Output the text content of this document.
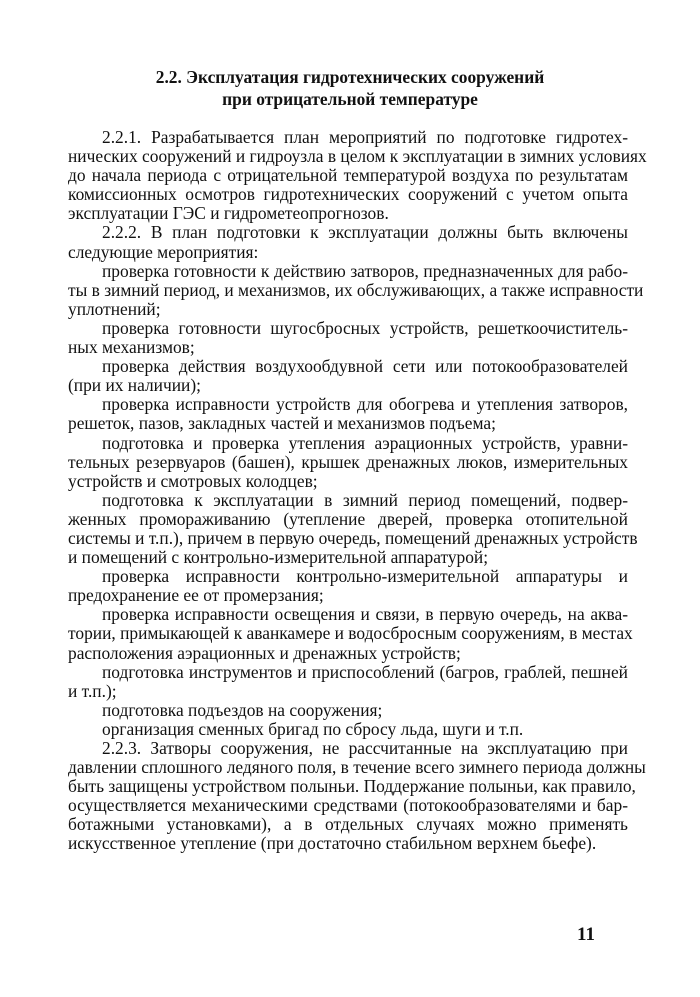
2.2. Эксплуатация гидротехнических сооружений
при отрицательной температуре
2.2.1. Разрабатывается план мероприятий по подготовке гидротех-
нических сооружений и гидроузла в целом к эксплуатации в зимних условиях
до начала периода с отрицательной температурой воздуха по результатам
комиссионных осмотров гидротехнических сооружений с учетом опыта
эксплуатации ГЭС и гидрометеопрогнозов.
2.2.2. В план подготовки к эксплуатации должны быть включены
следующие мероприятия:
проверка готовности к действию затворов, предназначенных для рабо-
ты в зимний период, и механизмов, их обслуживающих, а также исправности
уплотнений;
проверка готовности шугосбросных устройств, решеткоочиститель-
ных механизмов;
проверка действия воздухообдувной сети или потокообразователей
(при их наличии);
проверка исправности устройств для обогрева и утепления затворов,
решеток, пазов, закладных частей и механизмов подъема;
подготовка и проверка утепления аэрационных устройств, уравни-
тельных резервуаров (башен), крышек дренажных люков, измерительных
устройств и смотровых колодцев;
подготовка к эксплуатации в зимний период помещений, подвер-
женных промораживанию (утепление дверей, проверка отопительной
системы и т.п.), причем в первую очередь, помещений дренажных устройств
и помещений с контрольно-измерительной аппаратурой;
проверка исправности контрольно-измерительной аппаратуры и
предохранение ее от промерзания;
проверка исправности освещения и связи, в первую очередь, на аква-
тории, примыкающей к аванкамере и водосбросным сооружениям, в местах
расположения аэрационных и дренажных устройств;
подготовка инструментов и приспособлений (багров, граблей, пешней
и т.п.);
подготовка подъездов на сооружения;
организация сменных бригад по сбросу льда, шуги и т.п.
2.2.3. Затворы сооружения, не рассчитанные на эксплуатацию при
давлении сплошного ледяного поля, в течение всего зимнего периода должны
быть защищены устройством полыньи. Поддержание полыньи, как правило,
осуществляется механическими средствами (потокообразователями и бар-
ботажными установками), а в отдельных случаях можно применять
искусственное утепление (при достаточно стабильном верхнем бьефе).
11
